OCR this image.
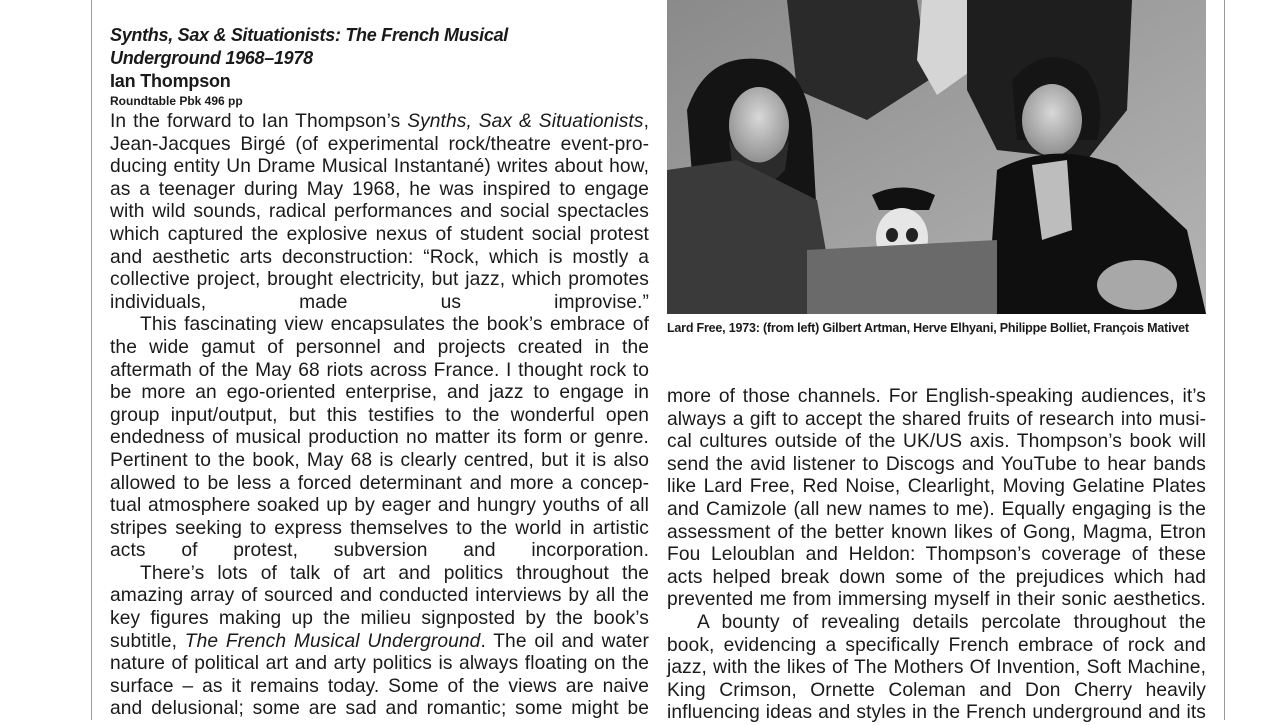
Synths, Sax & Situationists: The French Musical Underground 1968–1978

Ian Thompson

Roundtable Pbk 496 pp

In the forward to Ian Thompson’s Synths, Sax & Situationists, Jean-Jacques Birgé (of experimental rock/theatre event-producing entity Un Drame Musical Instantané) writes about how, as a teenager during May 1968, he was inspired to engage with wild sounds, radical performances and social spectacles which captured the explosive nexus of student social protest and aesthetic arts deconstruction: “Rock, which is mostly a collective project, brought electricity, but jazz, which promotes individuals, made us improvise.”

This fascinating view encapsulates the book’s embrace of the wide gamut of personnel and projects created in the aftermath of the May 68 riots across France. I thought rock to be more an ego-oriented enterprise, and jazz to engage in group input/output, but this testifies to the wonderful open endedness of musical production no matter its form or genre. Pertinent to the book, May 68 is clearly centred, but it is also allowed to be less a forced determinant and more a conceptual atmosphere soaked up by eager and hungry youths of all stripes seeking to express themselves to the world in artistic acts of protest, subversion and incorporation.

There’s lots of talk of art and politics throughout the amazing array of sourced and conducted interviews by all the key figures making up the milieu signposted by the book’s subtitle, The French Musical Underground. The oil and water nature of political art and arty politics is always floating on the surface – as it remains today. Some of the views are naive and delusional; some are sad and romantic; some might be

Lard Free, 1973: (from left) Gilbert Artman, Herve Elhyani, Philippe Bolliet, François Mativet

more of those channels. For English-speaking audiences, it’s always a gift to accept the shared fruits of research into musical cultures outside of the UK/US axis. Thompson’s book will send the avid listener to Discogs and YouTube to hear bands like Lard Free, Red Noise, Clearlight, Moving Gelatine Plates and Camizole (all new names to me). Equally engaging is the assessment of the better known likes of Gong, Magma, Etron Fou Leloublan and Heldon: Thompson’s coverage of these acts helped break down some of the prejudices which had prevented me from immersing myself in their sonic aesthetics.

A bounty of revealing details percolate throughout the book, evidencing a specifically French embrace of rock and jazz, with the likes of The Mothers Of Invention, Soft Machine, King Crimson, Ornette Coleman and Don Cherry heavily influencing ideas and styles in the French underground and its
